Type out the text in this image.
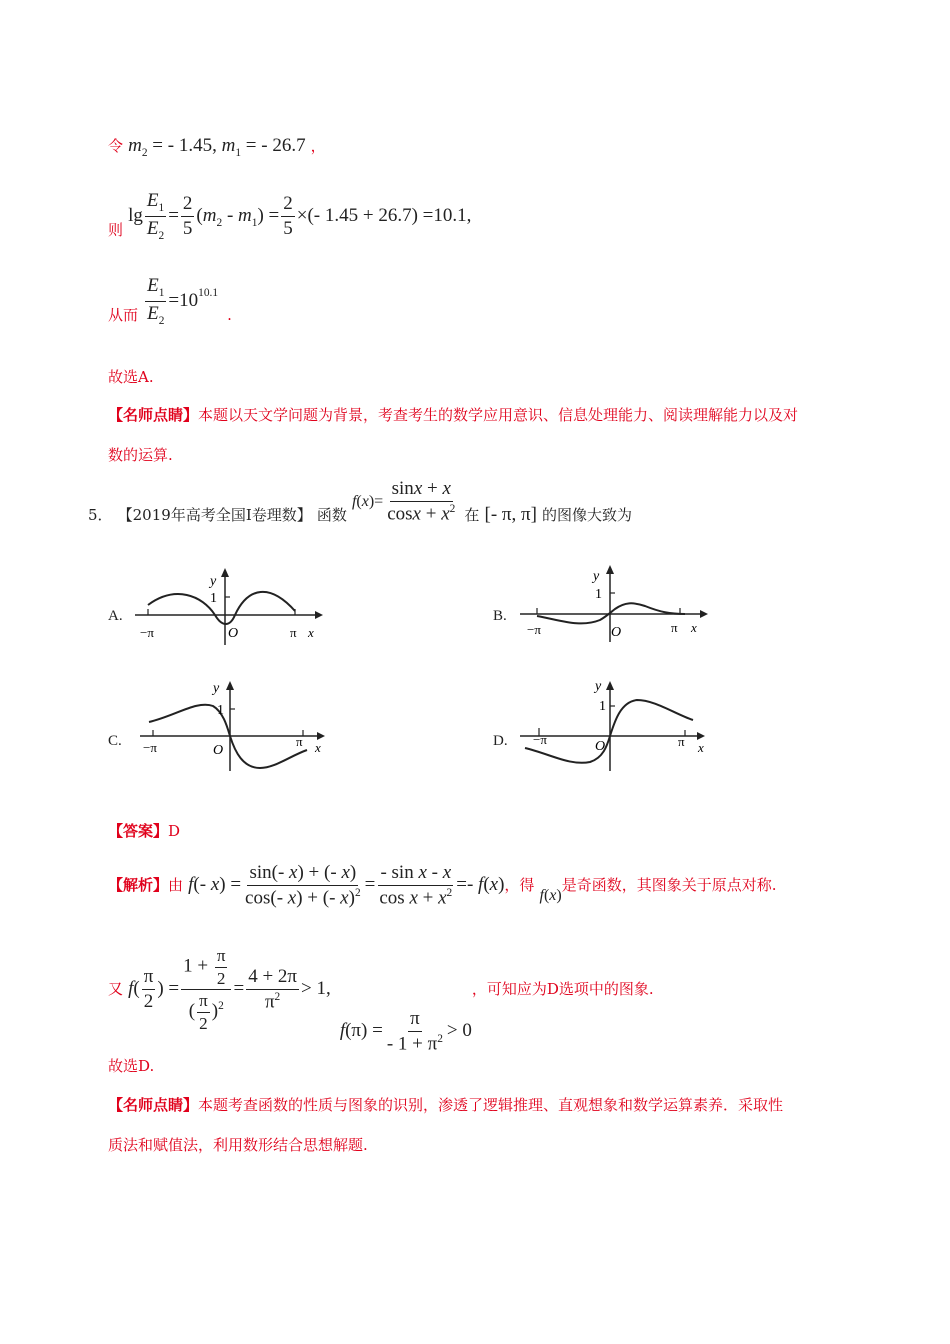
令 $m_2$ = - 1.45, $m_1$ = - 26.7 ，
则 $\lg \frac{E_1}{E_2} = \frac{2}{5} (m_2 - m_1) = \frac{2}{5}$ ×(- 1.45 + 26.7) =10.1,
从而 $\frac{E_1}{E_2} =10^{10.1}$ .
故选A.
【名师点睛】本题以天文学问题为背景，考查考生的数学应用意识、信息处理能力、阅读理解能力以及对
数的运算.
5． 【2019年高考全国Ⅰ卷理数】 函数 $f(x)= \frac{\sin x + x}{\cos x + x^2}$ 在 [- π, π] 的图像大致为
A.
y
1
O
−π	π x
B.
y
1
O
−π	π x
C.
y
1
O
−π	π x	D.
y
1
O
−π	π x
【答案】D
【解析】由 f(- $x) = \frac{\sin(- x) + (- x)}{\cos(- x) + (- x)^2} = \frac{\text{- sin x - x}}{\cos x + x^2} =- f(x)$，得 f(x)是奇函数，其图象关于原点对称.
又 $f( \frac{\pi}{2}$ ) = $\frac{1 + \frac{\pi}{2}}{( \frac{\pi}{2} )^2} = \frac{4 + 2\pi}{\pi^2} > 1$, $f(\pi) = \frac{\pi}{- 1 + \pi^2} > 0$，可知应为D选项中的图象.
故选D.
【名师点睛】本题考查函数的性质与图象的识别，渗透了逻辑推理、直观想象和数学运算素养．采取性
质法和赋值法，利用数形结合思想解题.
